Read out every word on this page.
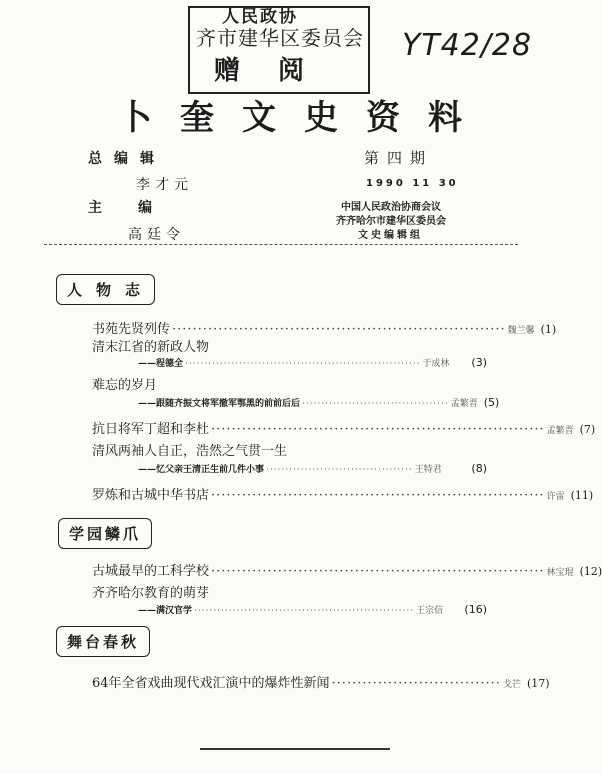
人民政协
齐市建华区委员会
赠阅
YT42/28
卜奎文史资料
总编辑
李才元
主编
高廷令
第四期
1990 11 30
中国人民政治协商会议
齐齐哈尔市建华区委员会
文史编辑组
人物志
书苑先贤列传 ································································· 魏兰馨 (1)
清末江省的新政人物
——程德全 ····························································· 于成林	(3)
难忘的岁月
——跟随齐振文将军撤军鄂黑的前前后后 ······································ 孟繁晋 (5)
抗日将军丁超和李杜 ································································· 孟繁晋 (7)
清风两袖人自正，浩然之气贯一生
——忆父亲王清正生前几件小事 ······································ 王特君	(8)
罗炼和古城中华书店 ································································· 许雷 (11)
学园鳞爪
古城最早的工科学校 ································································· 林宝琨 (12)
齐齐哈尔教育的萌芽
——满汉官学 ························································· 王宗信	(16)
舞台春秋
64年全省戏曲现代戏汇演中的爆炸性新闻 ································· 戈芒 (17)
